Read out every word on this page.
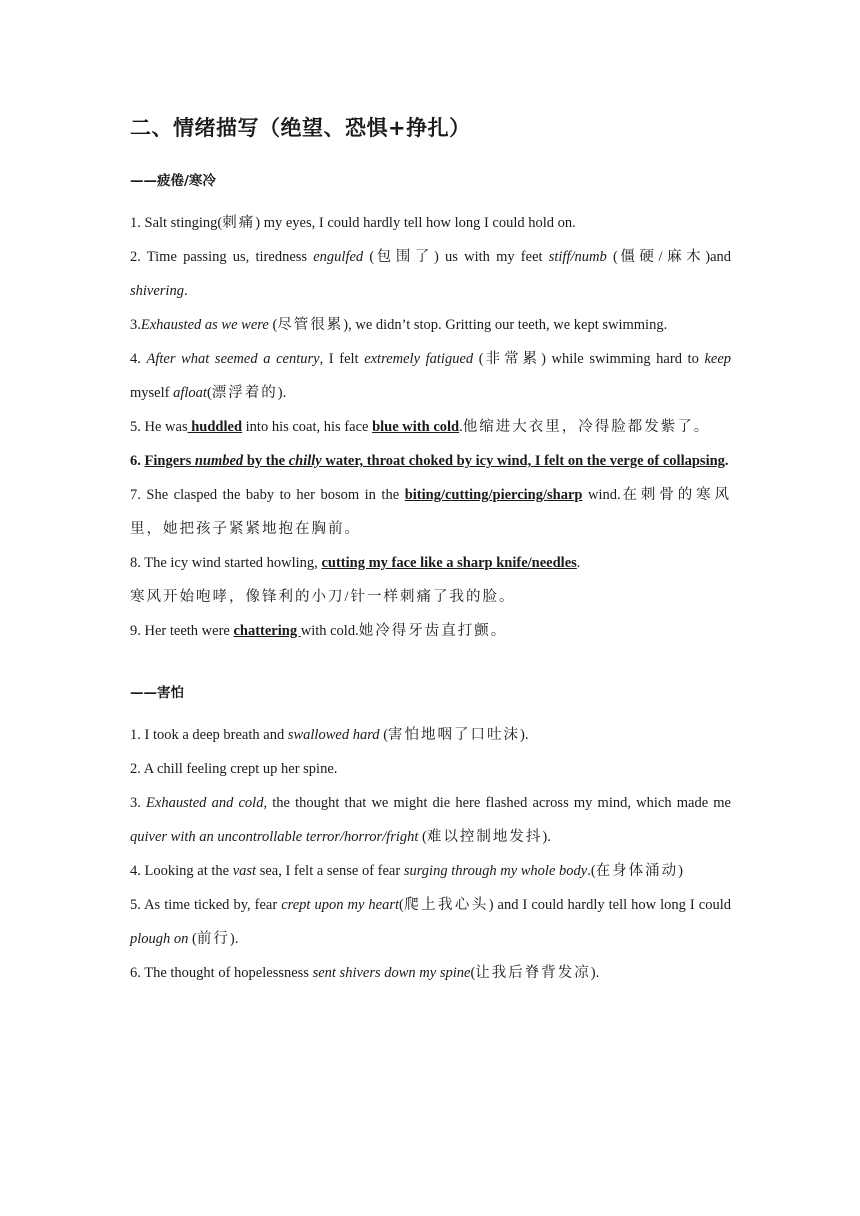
二、情绪描写（绝望、恐惧+挣扎）
——疲倦/寒冷

1. Salt stinging(刺痛) my eyes, I could hardly tell how long I could hold on.

2. Time passing us, tiredness engulfed (包围了) us with my feet stiff/numb (僵硬/麻木)and shivering.

3.Exhausted as we were (尽管很累), we didn’t stop. Gritting our teeth, we kept swimming.

4. After what seemed a century, I felt extremely fatigued (非常累) while swimming hard to keep myself afloat(漂浮着的).

5. He was huddled into his coat, his face blue with cold.他缩进大衣里，冷得脸都发紫了。

6. Fingers numbed by the chilly water, throat choked by icy wind, I felt on the verge of collapsing.

7. She clasped the baby to her bosom in the biting/cutting/piercing/sharp wind.在刺骨的寒风里，她把孩子紧紧地抱在胸前。

8. The icy wind started howling, cutting my face like a sharp knife/needles.

寒风开始咆哮，像锋利的小刀/针一样刺痛了我的脸。

9. Her teeth were chattering with cold.她冷得牙齿直打颤。

——害怕

1. I took a deep breath and swallowed hard (害怕地咽了口吐沫).

2. A chill feeling crept up her spine.

3. Exhausted and cold, the thought that we might die here flashed across my mind, which made me quiver with an uncontrollable terror/horror/fright (难以控制地发抖).

4. Looking at the vast sea, I felt a sense of fear surging through my whole body.(在身体涌动)

5. As time ticked by, fear crept upon my heart(爬上我心头) and I could hardly tell how long I could plough on (前行).

6. The thought of hopelessness sent shivers down my spine(让我后脊背发凉).
